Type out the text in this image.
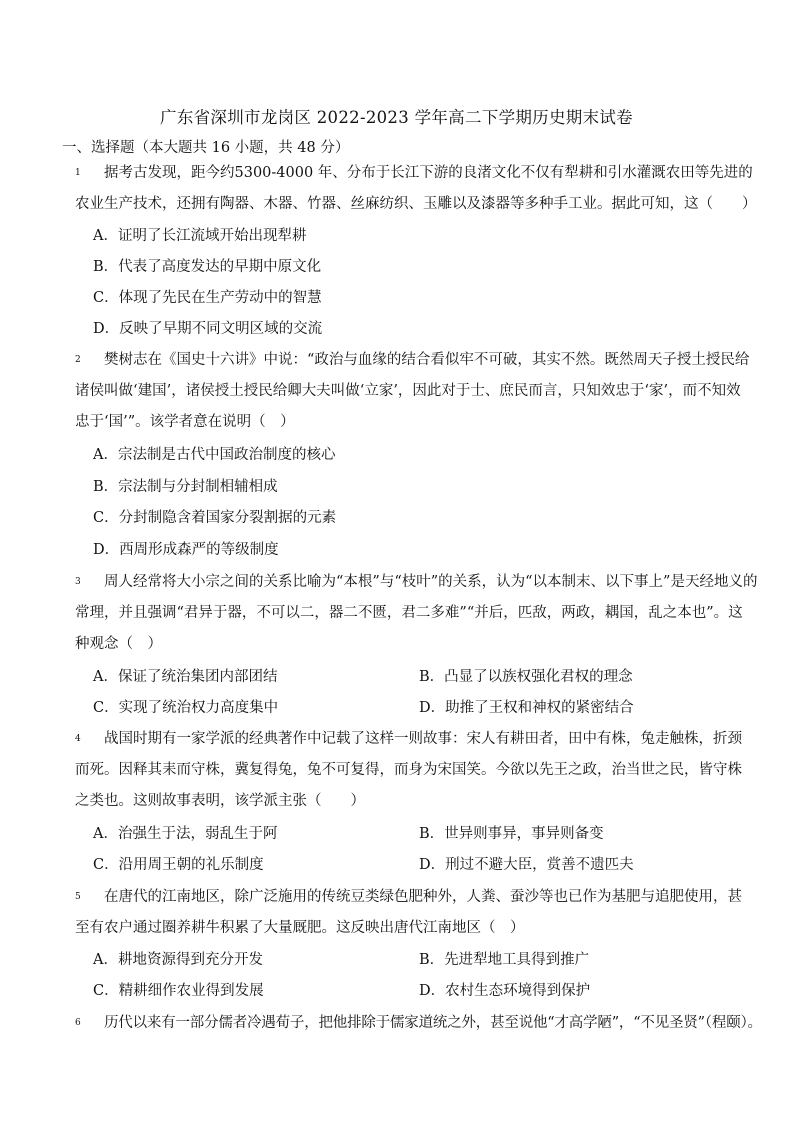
广东省深圳市龙岗区 2022-2023 学年高二下学期历史期末试卷
一、选择题（本大题共 16 小题，共 48 分）
1	据考古发现，距今约5300-4000 年、分布于长江下游的良渚文化不仅有犁耕和引水灌溉农田等先进的
农业生产技术，还拥有陶器、木器、竹器、丝麻纺织、玉雕以及漆器等多种手工业。据此可知，这（　　）
A．证明了长江流域开始出现犁耕
B．代表了高度发达的早期中原文化
C．体现了先民在生产劳动中的智慧
D．反映了早期不同文明区域的交流
2	樊树志在《国史十六讲》中说：“政治与血缘的结合看似牢不可破，其实不然。既然周天子授土授民给
诸侯叫做‘建国’，诸侯授土授民给卿大夫叫做‘立家’，因此对于士、庶民而言，只知效忠于‘家’，而不知效
忠于‘国’”。该学者意在说明（　）
A．宗法制是古代中国政治制度的核心
B．宗法制与分封制相辅相成
C．分封制隐含着国家分裂割据的元素
D．西周形成森严的等级制度
3	周人经常将大小宗之间的关系比喻为“本根”与“枝叶”的关系，认为“以本制末、以下事上”是天经地义的
常理，并且强调“君异于器，不可以二，器二不匮，君二多难”“并后，匹敌，两政，耦国，乱之本也”。这
种观念（　）
A．保证了统治集团内部团结	B．凸显了以族权强化君权的理念
C．实现了统治权力高度集中	D．助推了王权和神权的紧密结合
4	战国时期有一家学派的经典著作中记载了这样一则故事：宋人有耕田者，田中有株，兔走触株，折颈
而死。因释其耒而守株，冀复得兔，兔不可复得，而身为宋国笑。今欲以先王之政，治当世之民，皆守株
之类也。这则故事表明，该学派主张（　　）
A．治强生于法，弱乱生于阿	B．世异则事异，事异则备变
C．沿用周王朝的礼乐制度	D．刑过不避大臣，赏善不遗匹夫
5	在唐代的江南地区，除广泛施用的传统豆类绿色肥种外，人粪、蚕沙等也已作为基肥与追肥使用，甚
至有农户通过圈养耕牛积累了大量厩肥。这反映出唐代江南地区（　）
A．耕地资源得到充分开发	B．先进犁地工具得到推广
C．精耕细作农业得到发展	D．农村生态环境得到保护
6	历代以来有一部分儒者冷遇荀子，把他排除于儒家道统之外，甚至说他“才高学陋”，“不见圣贤”（程颐）。
